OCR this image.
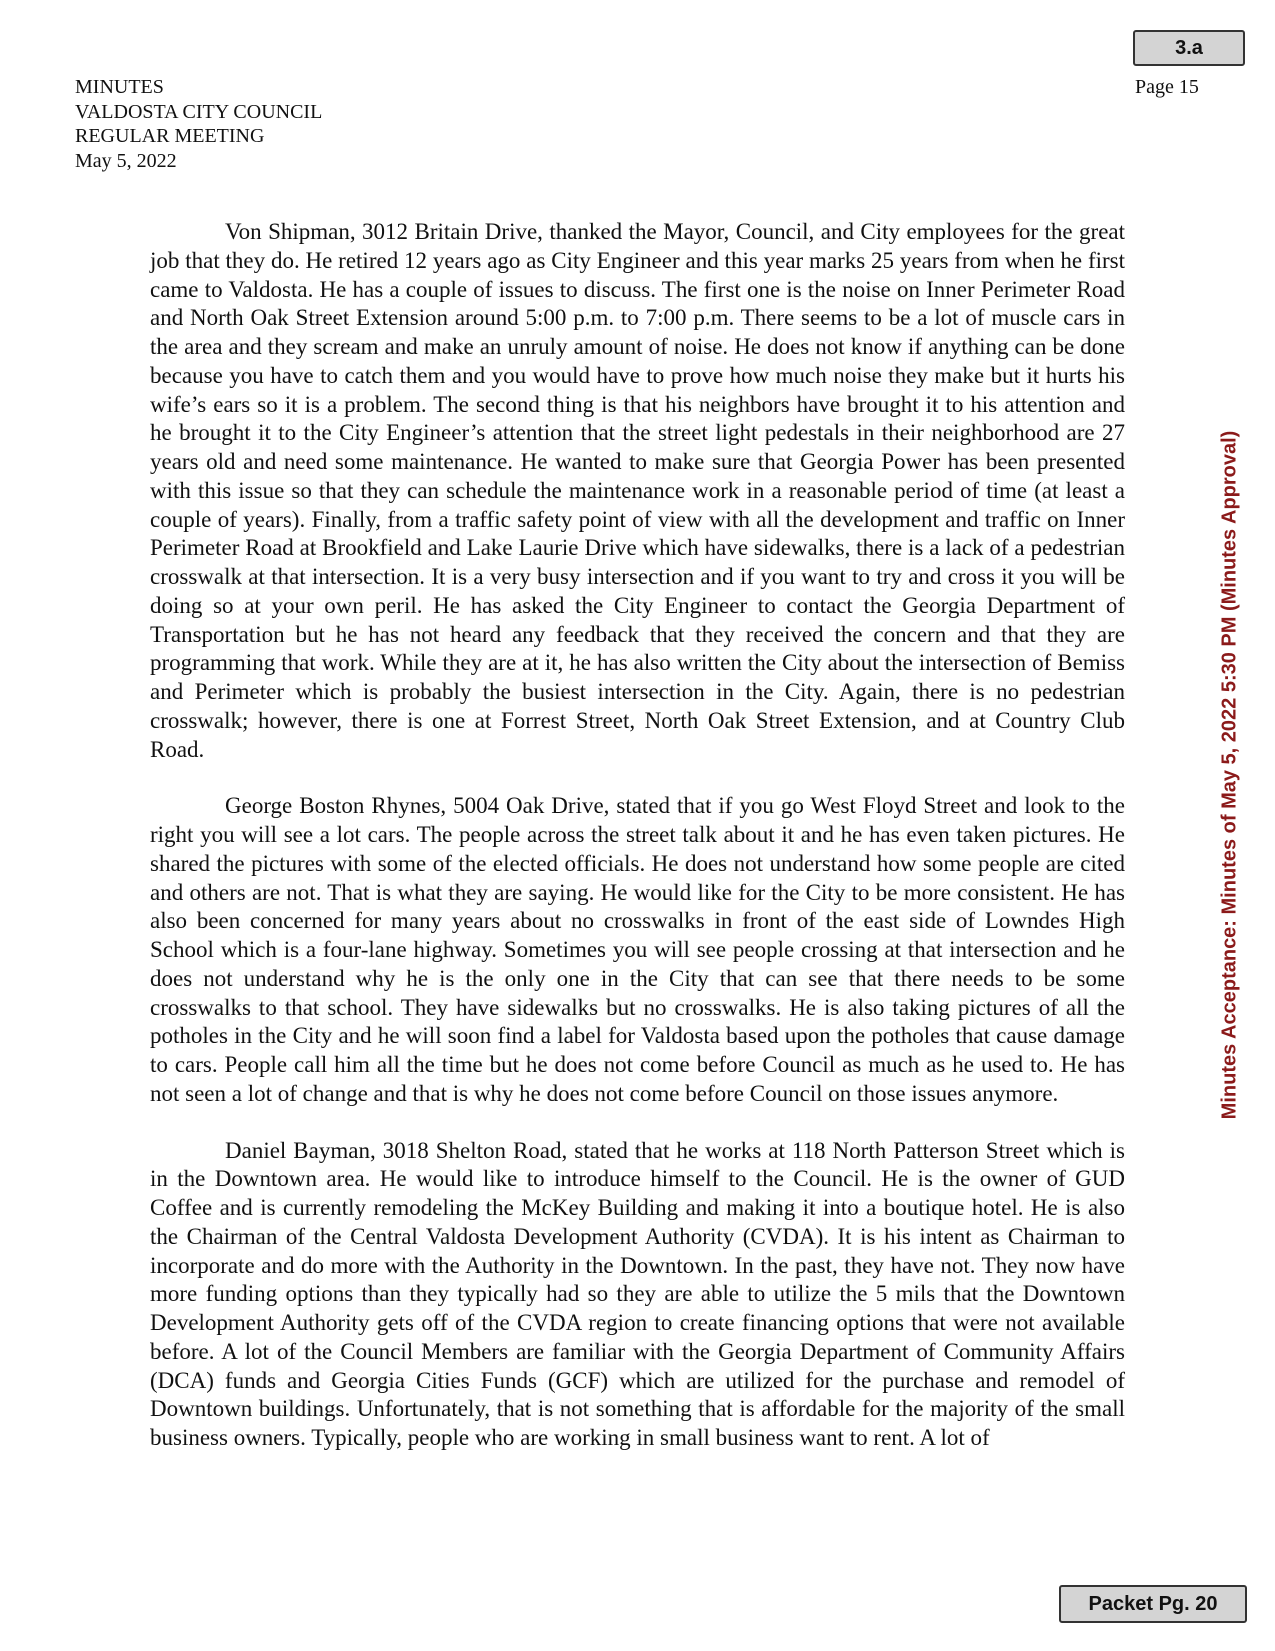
3.a
MINUTES
VALDOSTA CITY COUNCIL
REGULAR MEETING
May 5, 2022
Page 15

Von Shipman, 3012 Britain Drive, thanked the Mayor, Council, and City employees for the great job that they do. He retired 12 years ago as City Engineer and this year marks 25 years from when he first came to Valdosta. He has a couple of issues to discuss. The first one is the noise on Inner Perimeter Road and North Oak Street Extension around 5:00 p.m. to 7:00 p.m. There seems to be a lot of muscle cars in the area and they scream and make an unruly amount of noise. He does not know if anything can be done because you have to catch them and you would have to prove how much noise they make but it hurts his wife’s ears so it is a problem. The second thing is that his neighbors have brought it to his attention and he brought it to the City Engineer’s attention that the street light pedestals in their neighborhood are 27 years old and need some maintenance. He wanted to make sure that Georgia Power has been presented with this issue so that they can schedule the maintenance work in a reasonable period of time (at least a couple of years). Finally, from a traffic safety point of view with all the development and traffic on Inner Perimeter Road at Brookfield and Lake Laurie Drive which have sidewalks, there is a lack of a pedestrian crosswalk at that intersection. It is a very busy intersection and if you want to try and cross it you will be doing so at your own peril. He has asked the City Engineer to contact the Georgia Department of Transportation but he has not heard any feedback that they received the concern and that they are programming that work. While they are at it, he has also written the City about the intersection of Bemiss and Perimeter which is probably the busiest intersection in the City. Again, there is no pedestrian crosswalk; however, there is one at Forrest Street, North Oak Street Extension, and at Country Club Road.

George Boston Rhynes, 5004 Oak Drive, stated that if you go West Floyd Street and look to the right you will see a lot cars. The people across the street talk about it and he has even taken pictures. He shared the pictures with some of the elected officials. He does not understand how some people are cited and others are not. That is what they are saying. He would like for the City to be more consistent. He has also been concerned for many years about no crosswalks in front of the east side of Lowndes High School which is a four-lane highway. Sometimes you will see people crossing at that intersection and he does not understand why he is the only one in the City that can see that there needs to be some crosswalks to that school. They have sidewalks but no crosswalks. He is also taking pictures of all the potholes in the City and he will soon find a label for Valdosta based upon the potholes that cause damage to cars. People call him all the time but he does not come before Council as much as he used to. He has not seen a lot of change and that is why he does not come before Council on those issues anymore.

Daniel Bayman, 3018 Shelton Road, stated that he works at 118 North Patterson Street which is in the Downtown area. He would like to introduce himself to the Council. He is the owner of GUD Coffee and is currently remodeling the McKey Building and making it into a boutique hotel. He is also the Chairman of the Central Valdosta Development Authority (CVDA). It is his intent as Chairman to incorporate and do more with the Authority in the Downtown. In the past, they have not. They now have more funding options than they typically had so they are able to utilize the 5 mils that the Downtown Development Authority gets off of the CVDA region to create financing options that were not available before. A lot of the Council Members are familiar with the Georgia Department of Community Affairs (DCA) funds and Georgia Cities Funds (GCF) which are utilized for the purchase and remodel of Downtown buildings. Unfortunately, that is not something that is affordable for the majority of the small business owners. Typically, people who are working in small business want to rent. A lot of

Minutes Acceptance: Minutes of May 5, 2022 5:30 PM (Minutes Approval)
Packet Pg. 20
